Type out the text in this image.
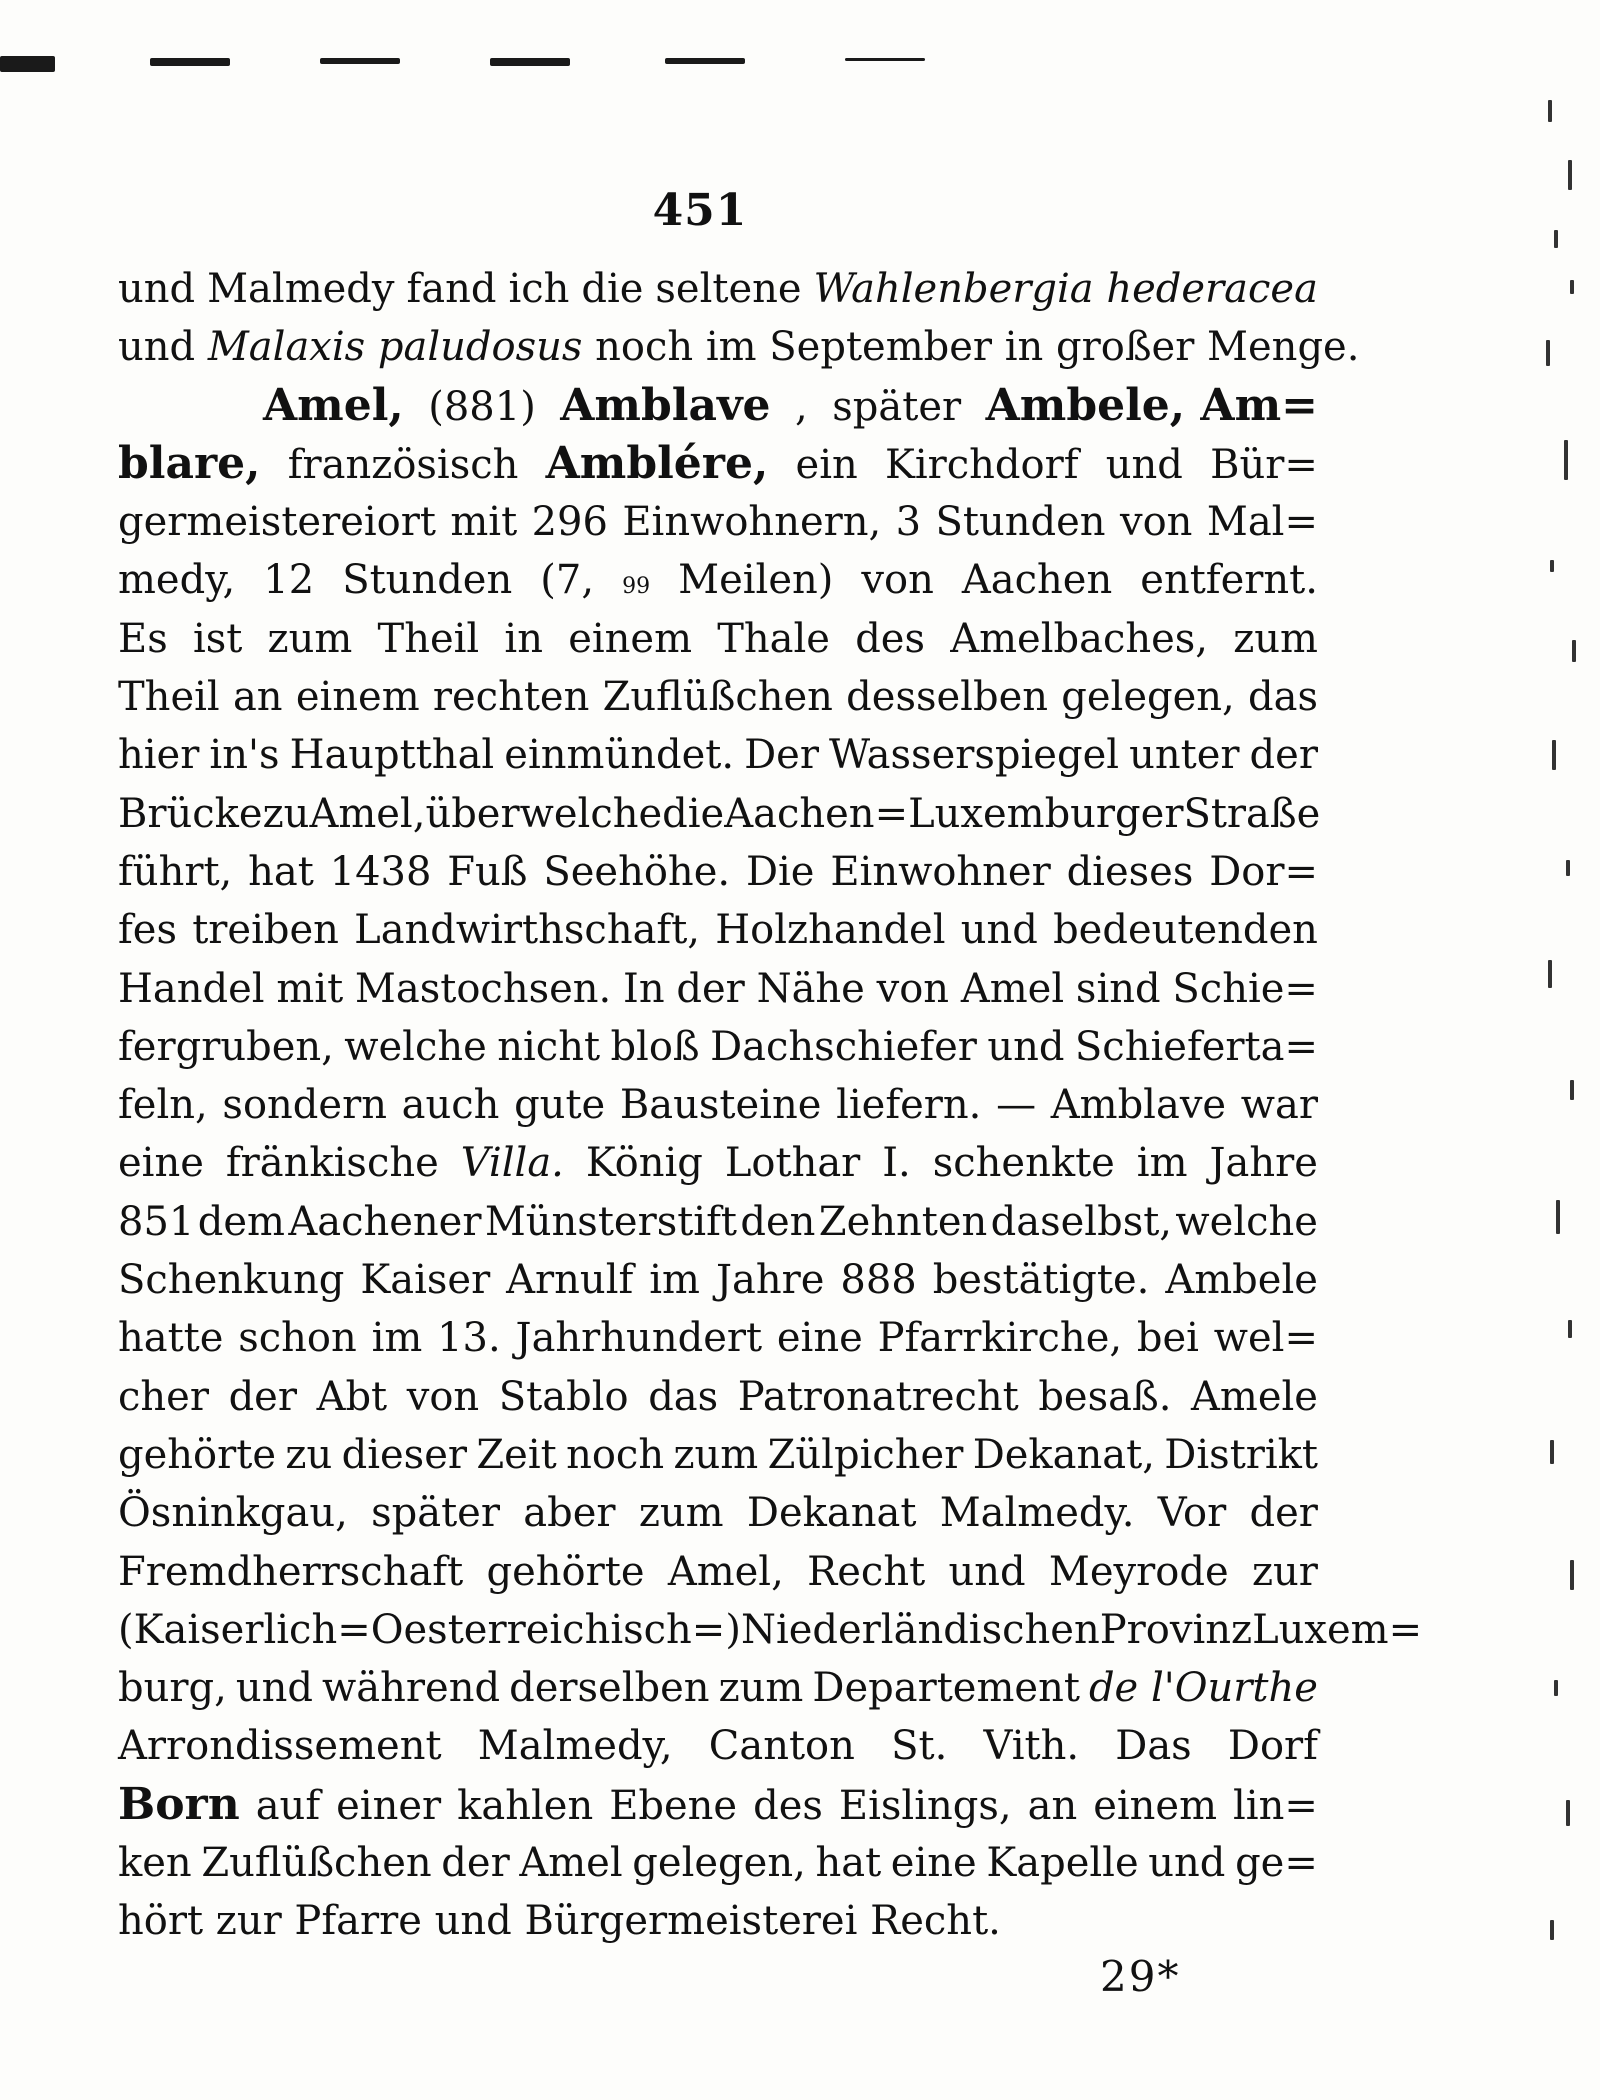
451
und Malmedy fand ich die seltene Wahlenbergia hederacea
und Malaxis paludosus noch im September in großer Menge.
Amel, (881) Amblave , später Ambele, Am=
blare, französisch Amblére, ein Kirchdorf und Bür=
germeistereiort mit 296 Einwohnern, 3 Stunden von Mal=
medy, 12 Stunden (7, 99 Meilen) von Aachen entfernt.
Es ist zum Theil in einem Thale des Amelbaches, zum
Theil an einem rechten Zuflüßchen desselben gelegen, das
hier in's Hauptthal einmündet. Der Wasserspiegel unter der
Brücke zu Amel, über welche die Aachen=Luxemburger Straße
führt, hat 1438 Fuß Seehöhe. Die Einwohner dieses Dor=
fes treiben Landwirthschaft, Holzhandel und bedeutenden
Handel mit Mastochsen. In der Nähe von Amel sind Schie=
fergruben, welche nicht bloß Dachschiefer und Schieferta=
feln, sondern auch gute Bausteine liefern. — Amblave war
eine fränkische Villa. König Lothar I. schenkte im Jahre
851 dem Aachener Münsterstift den Zehnten daselbst, welche
Schenkung Kaiser Arnulf im Jahre 888 bestätigte. Ambele
hatte schon im 13. Jahrhundert eine Pfarrkirche, bei wel=
cher der Abt von Stablo das Patronatrecht besaß. Amele
gehörte zu dieser Zeit noch zum Zülpicher Dekanat, Distrikt
Ösninkgau, später aber zum Dekanat Malmedy. Vor der
Fremdherrschaft gehörte Amel, Recht und Meyrode zur
(Kaiserlich=Oesterreichisch=) Niederländischen Provinz Luxem=
burg, und während derselben zum Departement de l'Ourthe
Arrondissement Malmedy, Canton St. Vith. Das Dorf
Born auf einer kahlen Ebene des Eislings, an einem lin=
ken Zuflüßchen der Amel gelegen, hat eine Kapelle und ge=
hört zur Pfarre und Bürgermeisterei Recht.
29*
